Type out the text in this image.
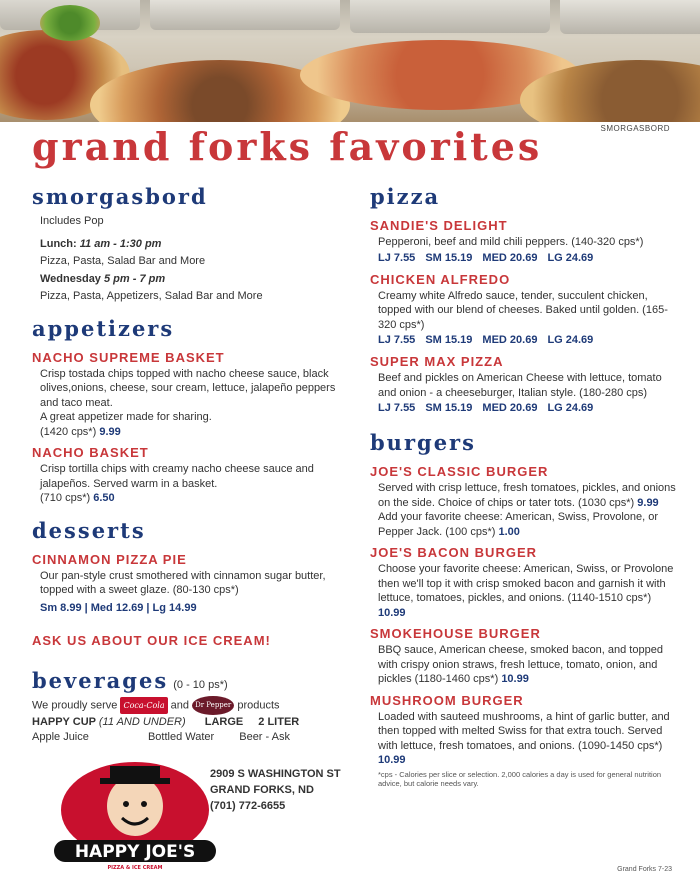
SMORGASBORD
grand forks favorites
smorgasbord
Includes Pop
Lunch: 11 am - 1:30 pm
Pizza, Pasta, Salad Bar and More
Wednesday 5 pm - 7 pm
Pizza, Pasta, Appetizers, Salad Bar and More
appetizers
NACHO SUPREME BASKET
Crisp tostada chips topped with nacho cheese sauce, black olives,onions, cheese, sour cream, lettuce, jalapeño peppers and taco meat.
A great appetizer made for sharing.
(1420 cps*) 9.99
NACHO BASKET
Crisp tortilla chips with creamy nacho cheese sauce and jalapeños. Served warm in a basket.
(710 cps*) 6.50
desserts
CINNAMON PIZZA PIE
Our pan-style crust smothered with cinnamon sugar butter, topped with a sweet glaze. (80-130 cps*)
Sm 8.99 | Med 12.69 | Lg 14.99
ASK US ABOUT OUR ICE CREAM!
beverages (0 - 10 ps*)
We proudly serve Coca-Cola and Dr Pepper products
HAPPY CUP (11 AND UNDER) LARGE 2 LITER
Apple Juice	Bottled Water Beer - Ask
HAPPY JOE'S
PIZZA & ICE CREAM
2909 S WASHINGTON ST
GRAND FORKS, ND
(701) 772-6655
pizza
SANDIE'S DELIGHT
Pepperoni, beef and mild chili peppers. (140-320 cps*)
LJ 7.55 SM 15.19 MED 20.69 LG 24.69
CHICKEN ALFREDO
Creamy white Alfredo sauce, tender, succulent chicken, topped with our blend of cheeses. Baked until golden. (165-320 cps*)
LJ 7.55 SM 15.19 MED 20.69 LG 24.69
SUPER MAX PIZZA
Beef and pickles on American Cheese with lettuce, tomato and onion - a cheeseburger, Italian style. (180-280 cps)
LJ 7.55 SM 15.19 MED 20.69 LG 24.69
burgers
JOE'S CLASSIC BURGER
Served with crisp lettuce, fresh tomatoes, pickles, and onions on the side. Choice of chips or tater tots. (1030 cps*) 9.99
Add your favorite cheese: American, Swiss, Provolone, or Pepper Jack. (100 cps*) 1.00
JOE'S BACON BURGER
Choose your favorite cheese: American, Swiss, or Provolone then we'll top it with crisp smoked bacon and garnish it with lettuce, tomatoes, pickles, and onions. (1140-1510 cps*) 10.99
SMOKEHOUSE BURGER
BBQ sauce, American cheese, smoked bacon, and topped with crispy onion straws, fresh lettuce, tomato, onion, and pickles (1180-1460 cps*) 10.99
MUSHROOM BURGER
Loaded with sauteed mushrooms, a hint of garlic butter, and then topped with melted Swiss for that extra touch. Served with lettuce, fresh tomatoes, and onions. (1090-1450 cps*) 10.99
*cps - Calories per slice or selection. 2,000 calories a day is used for general nutrition advice, but calorie needs vary.
Grand Forks 7-23
